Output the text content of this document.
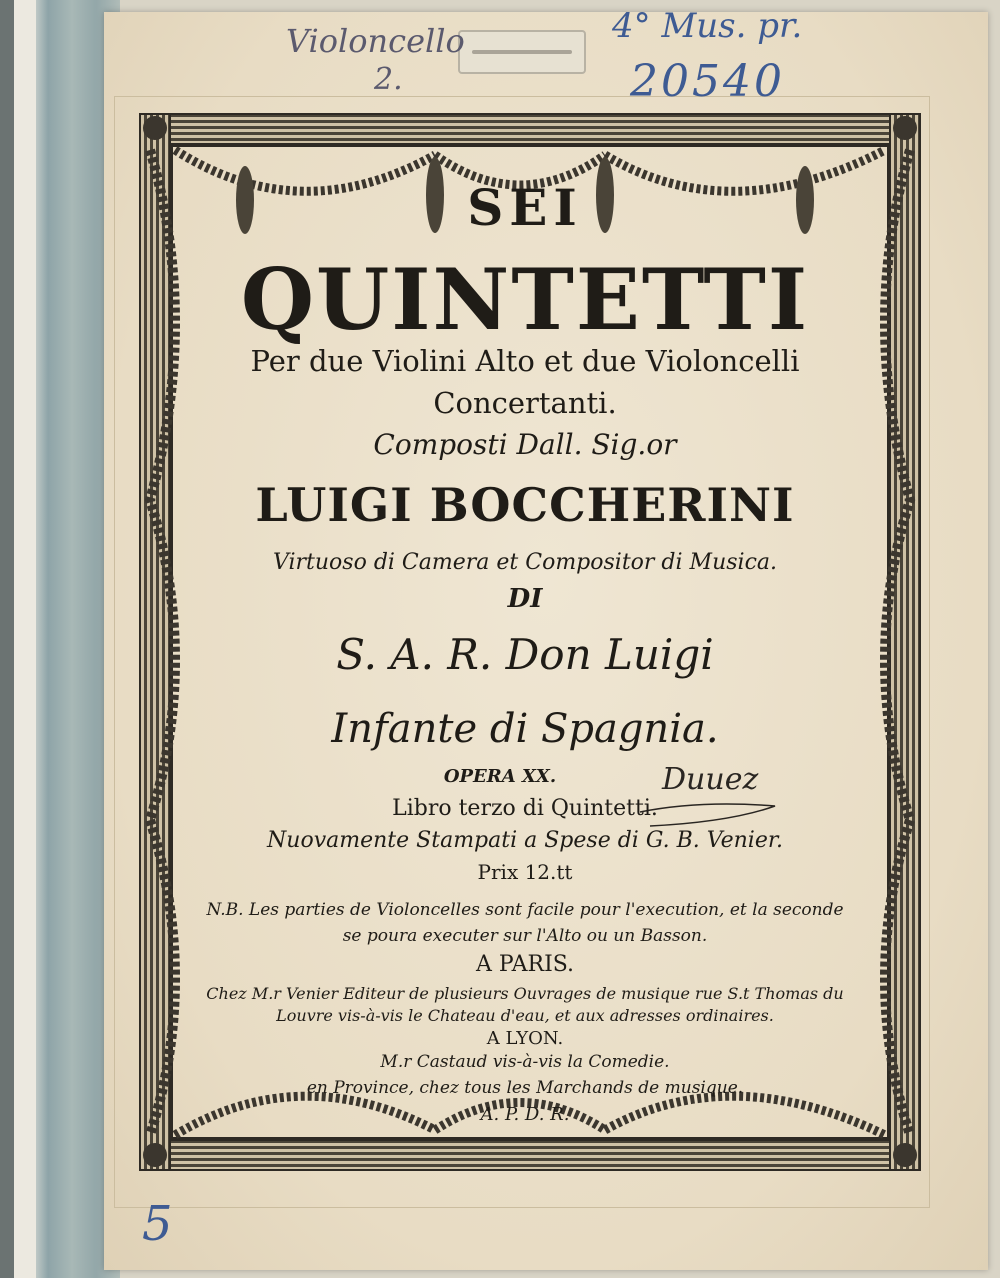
Violoncello
2.
4° Mus. pr.
20540
5
SEI
QUINTETTI
Per due Violini Alto et due Violoncelli
Concertanti.
Composti Dall. Sig.or
LUIGI BOCCHERINI
Virtuoso di Camera et Compositor di Musica.
DI
S. A. R. Don Luigi
Infante di Spagnia.
OPERA XX.	Duuez
Libro terzo di Quintetti.
Nuovamente Stampati a Spese di G. B. Venier.
Prix 12.tt
N.B. Les parties de Violoncelles sont facile pour l'execution, et la seconde
se poura executer sur l'Alto ou un Basson.
A PARIS.
Chez M.r Venier Editeur de plusieurs Ouvrages de musique rue S.t Thomas du
Louvre vis-à-vis le Chateau d'eau, et aux adresses ordinaires.
A LYON.
M.r Castaud vis-à-vis la Comedie.
en Province, chez tous les Marchands de musique.
A. P. D. R.
